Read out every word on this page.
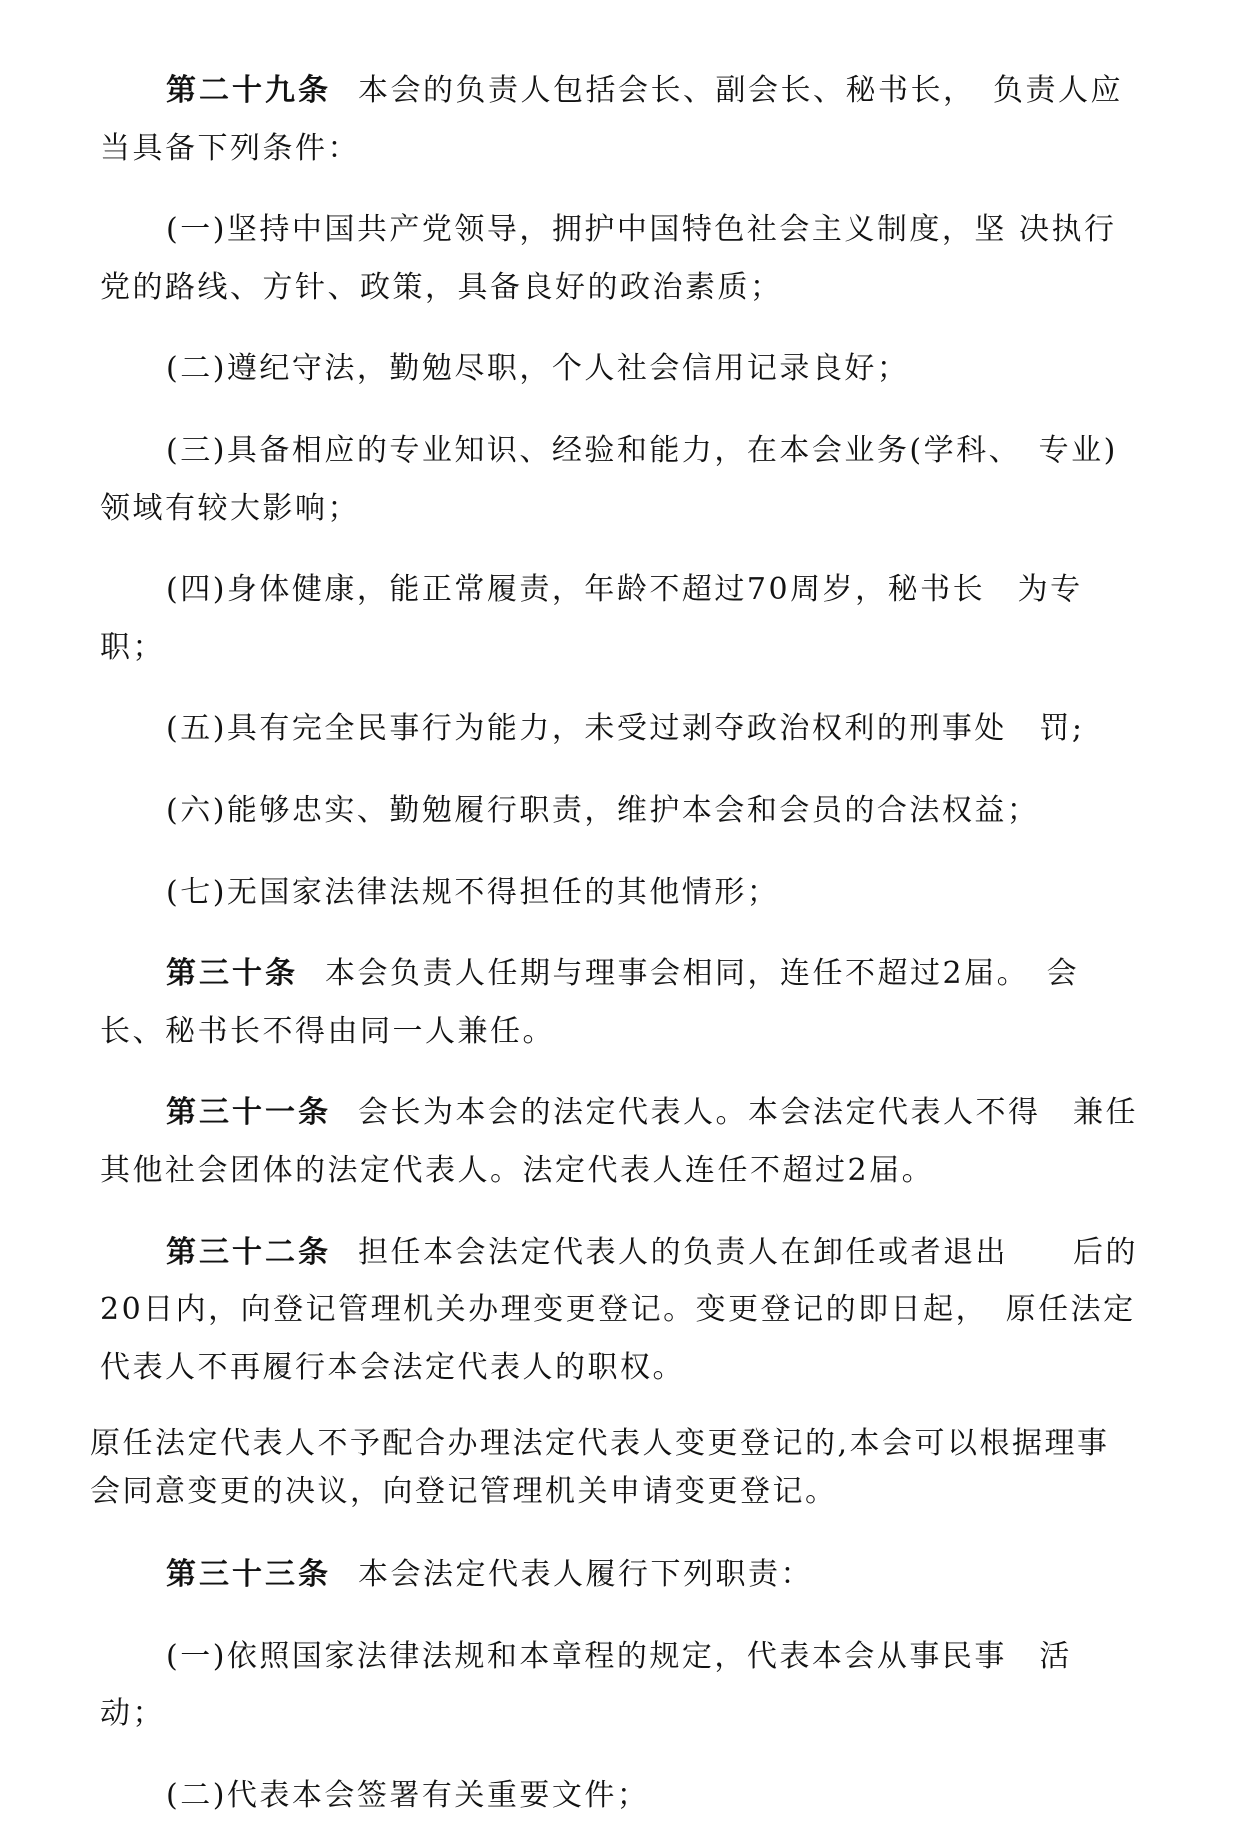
第二十九条 本会的负责人包括会长、副会长、秘书长，　负责人应当具备下列条件：

(一)坚持中国共产党领导，拥护中国特色社会主义制度，坚 决执行党的路线、方针、政策，具备良好的政治素质；

(二)遵纪守法，勤勉尽职，个人社会信用记录良好；

(三)具备相应的专业知识、经验和能力，在本会业务(学科、　专业)领域有较大影响；

(四)身体健康，能正常履责，年龄不超过70周岁，秘书长　为专职；

(五)具有完全民事行为能力，未受过剥夺政治权利的刑事处　罚;

(六)能够忠实、勤勉履行职责，维护本会和会员的合法权益；

(七)无国家法律法规不得担任的其他情形；

第三十条 本会负责人任期与理事会相同，连任不超过2届。　会长、秘书长不得由同一人兼任。

第三十一条 会长为本会的法定代表人。本会法定代表人不得　兼任其他社会团体的法定代表人。法定代表人连任不超过2届。

第三十二条 担任本会法定代表人的负责人在卸任或者退出　　后的20日内，向登记管理机关办理变更登记。变更登记的即日起，　原任法定代表人不再履行本会法定代表人的职权。

原任法定代表人不予配合办理法定代表人变更登记的,本会可以根据理事会同意变更的决议，向登记管理机关申请变更登记。

第三十三条 本会法定代表人履行下列职责：

(一)依照国家法律法规和本章程的规定，代表本会从事民事　活 动；

(二)代表本会签署有关重要文件；
